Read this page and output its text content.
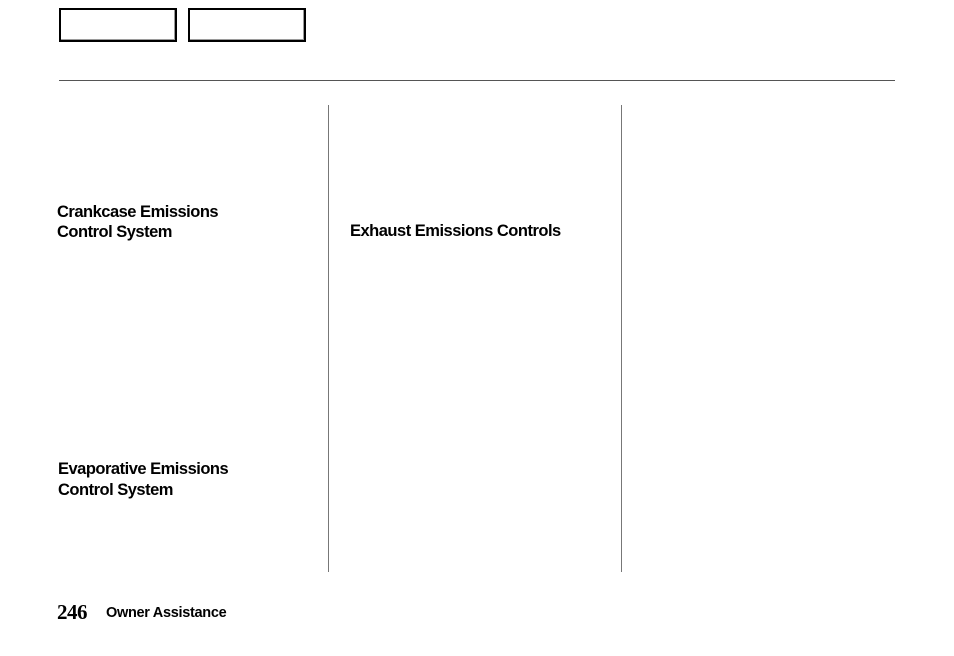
Crankcase Emissions
Control System	Exhaust Emissions Controls
Evaporative Emissions
Control System
246 Owner Assistance
